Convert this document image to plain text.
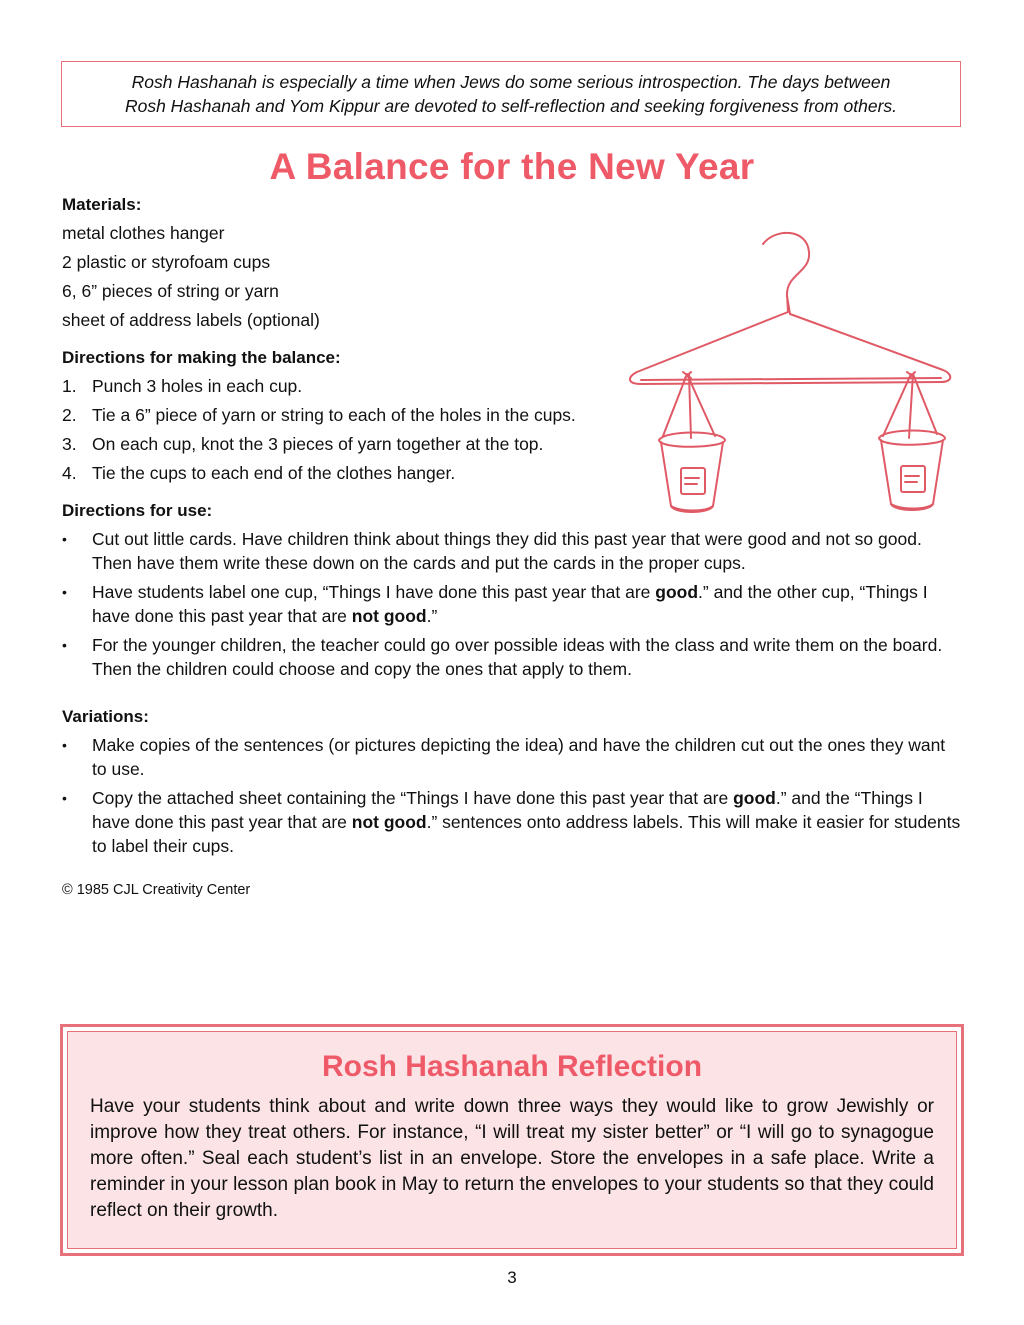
Rosh Hashanah is especially a time when Jews do some serious introspection. The days between
Rosh Hashanah and Yom Kippur are devoted to self-reflection and seeking forgiveness from others.
A Balance for the New Year
Materials:
metal clothes hanger
2 plastic or styrofoam cups
6, 6” pieces of string or yarn
sheet of address labels (optional)
Directions for making the balance:
1. Punch 3 holes in each cup.
2. Tie a 6” piece of yarn or string to each of the holes in the cups.
3. On each cup, knot the 3 pieces of yarn together at the top.
4. Tie the cups to each end of the clothes hanger.
Directions for use:
• Cut out little cards. Have children think about things they did this past year that were good and not so good. Then have them write these down on the cards and put the cards in the proper cups.
• Have students label one cup, “Things I have done this past year that are good.” and the other cup, “Things I have done this past year that are not good.”
• For the younger children, the teacher could go over possible ideas with the class and write them on the board. Then the children could choose and copy the ones that apply to them.
Variations:
• Make copies of the sentences (or pictures depicting the idea) and have the children cut out the ones they want to use.
• Copy the attached sheet containing the “Things I have done this past year that are good.” and the “Things I have done this past year that are not good.” sentences onto address labels. This will make it easier for students to label their cups.
© 1985 CJL Creativity Center
Rosh Hashanah Reflection
Have your students think about and write down three ways they would like to grow Jewishly or improve how they treat others. For instance, “I will treat my sister better” or “I will go to synagogue more often.” Seal each student’s list in an envelope. Store the envelopes in a safe place. Write a reminder in your lesson plan book in May to return the envelopes to your students so that they could reflect on their growth.
3
